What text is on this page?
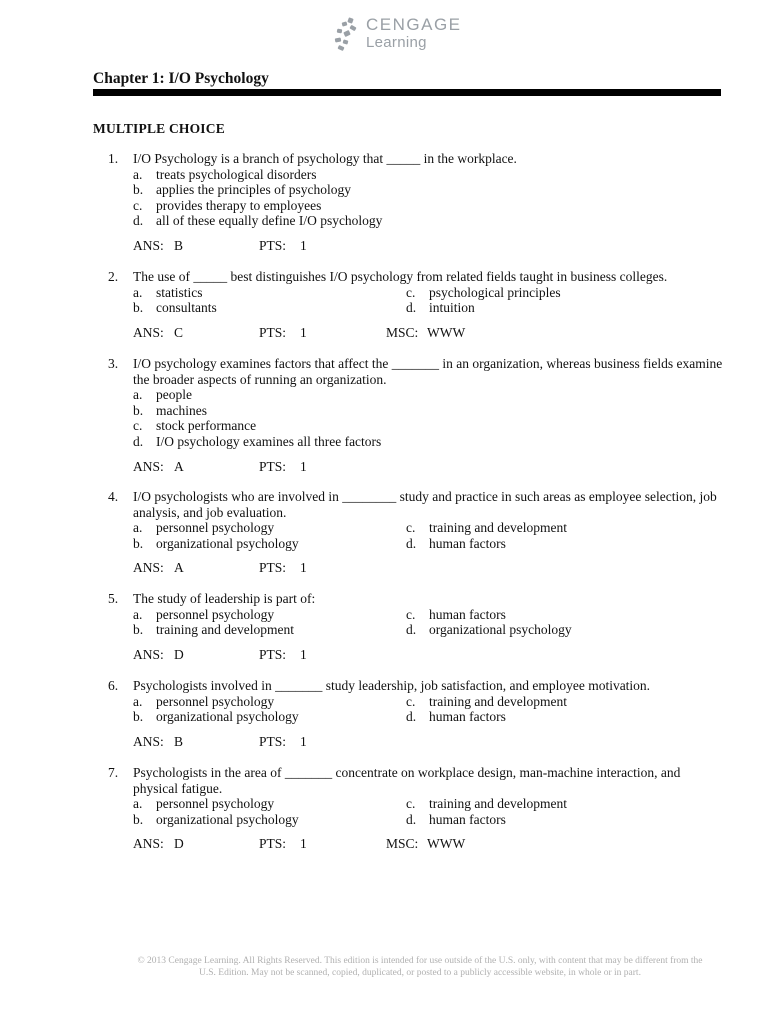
CENGAGE
Learning
Chapter 1: I/O Psychology
MULTIPLE CHOICE
1.	I/O Psychology is a branch of psychology that _____ in the workplace.
a. treats psychological disorders
b. applies the principles of psychology
c. provides therapy to employees
d. all of these equally define I/O psychology
ANS: B	PTS: 1
2.	The use of _____ best distinguishes I/O psychology from related fields taught in business colleges.
a. statistics
b. consultants
c. psychological principles
d. intuition
ANS: C	PTS: 1	MSC: WWW
3.	I/O psychology examines factors that affect the _______ in an organization, whereas business fields examine the broader aspects of running an organization.
a. people
b. machines
c. stock performance
d. I/O psychology examines all three factors
ANS: A	PTS: 1
4.	I/O psychologists who are involved in ________ study and practice in such areas as employee selection, job analysis, and job evaluation.
a. personnel psychology
b. organizational psychology
c. training and development
d. human factors
ANS: A	PTS: 1
5.	The study of leadership is part of:
a. personnel psychology
b. training and development
c. human factors
d. organizational psychology
ANS: D	PTS: 1
6.	Psychologists involved in _______ study leadership, job satisfaction, and employee motivation.
a. personnel psychology
b. organizational psychology
c. training and development
d. human factors
ANS: B	PTS: 1
7.	Psychologists in the area of _______ concentrate on workplace design, man-machine interaction, and physical fatigue.
a. personnel psychology
b. organizational psychology
c. training and development
d. human factors
ANS: D	PTS: 1	MSC: WWW
© 2013 Cengage Learning. All Rights Reserved. This edition is intended for use outside of the U.S. only, with content that may be different from the U.S. Edition. May not be scanned, copied, duplicated, or posted to a publicly accessible website, in whole or in part.
